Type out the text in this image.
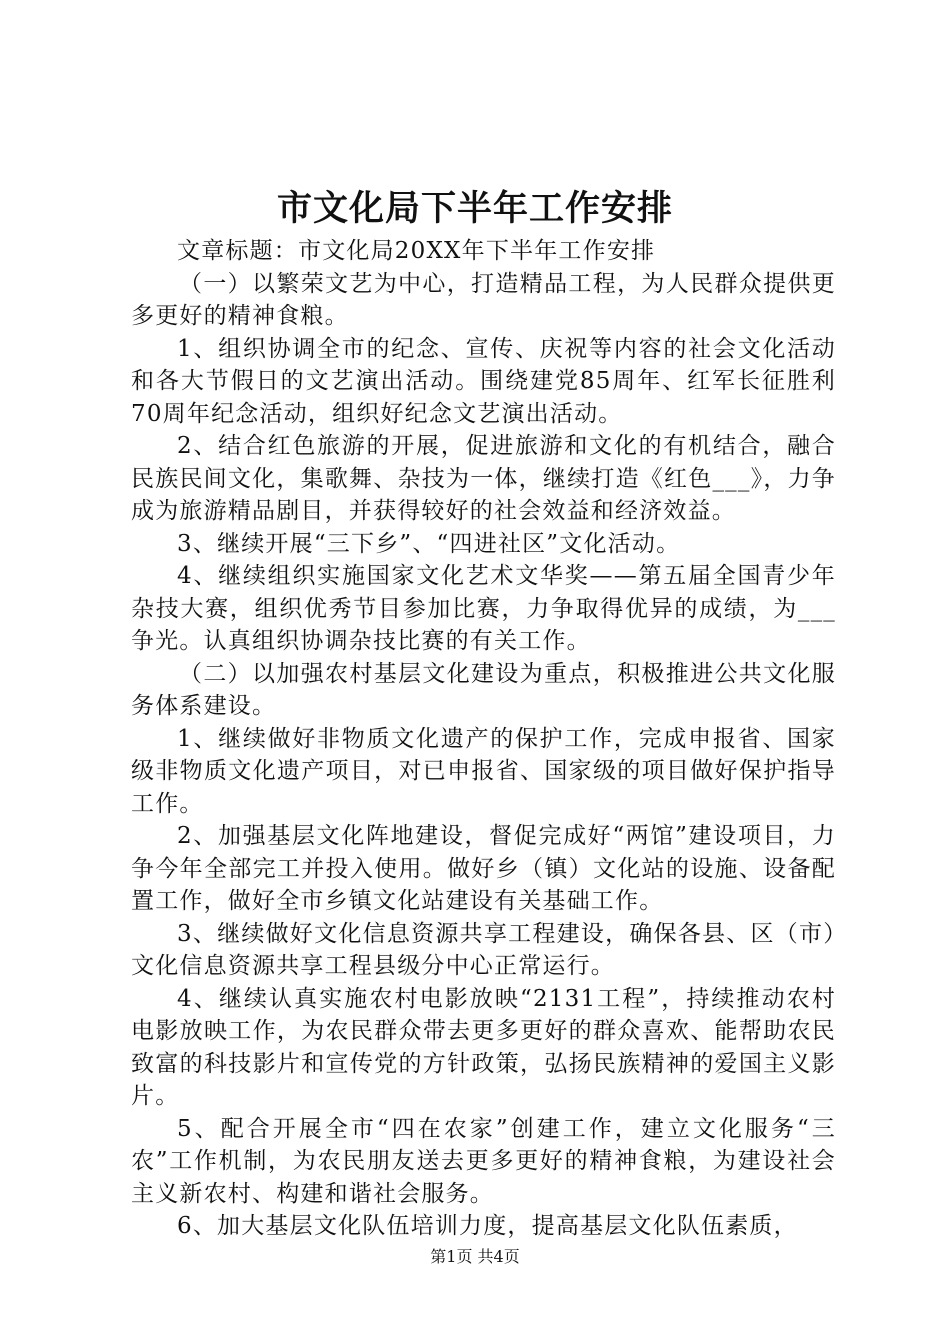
市文化局下半年工作安排

文章标题：市文化局20XX年下半年工作安排

（一）以繁荣文艺为中心，打造精品工程，为人民群众提供更多更好的精神食粮。

1、组织协调全市的纪念、宣传、庆祝等内容的社会文化活动和各大节假日的文艺演出活动。围绕建党85周年、红军长征胜利70周年纪念活动，组织好纪念文艺演出活动。

2、结合红色旅游的开展，促进旅游和文化的有机结合，融合民族民间文化，集歌舞、杂技为一体，继续打造《红色___》，力争成为旅游精品剧目，并获得较好的社会效益和经济效益。

3、继续开展“三下乡”、“四进社区”文化活动。

4、继续组织实施国家文化艺术文华奖——第五届全国青少年杂技大赛，组织优秀节目参加比赛，力争取得优异的成绩，为___争光。认真组织协调杂技比赛的有关工作。

（二）以加强农村基层文化建设为重点，积极推进公共文化服务体系建设。

1、继续做好非物质文化遗产的保护工作，完成申报省、国家级非物质文化遗产项目，对已申报省、国家级的项目做好保护指导工作。

2、加强基层文化阵地建设，督促完成好“两馆”建设项目，力争今年全部完工并投入使用。做好乡（镇）文化站的设施、设备配置工作，做好全市乡镇文化站建设有关基础工作。

3、继续做好文化信息资源共享工程建设，确保各县、区（市）文化信息资源共享工程县级分中心正常运行。

4、继续认真实施农村电影放映“2131工程”，持续推动农村电影放映工作，为农民群众带去更多更好的群众喜欢、能帮助农民致富的科技影片和宣传党的方针政策，弘扬民族精神的爱国主义影片。

5、配合开展全市“四在农家”创建工作，建立文化服务“三农”工作机制，为农民朋友送去更多更好的精神食粮，为建设社会主义新农村、构建和谐社会服务。

6、加大基层文化队伍培训力度，提高基层文化队伍素质，

第1页 共4页
